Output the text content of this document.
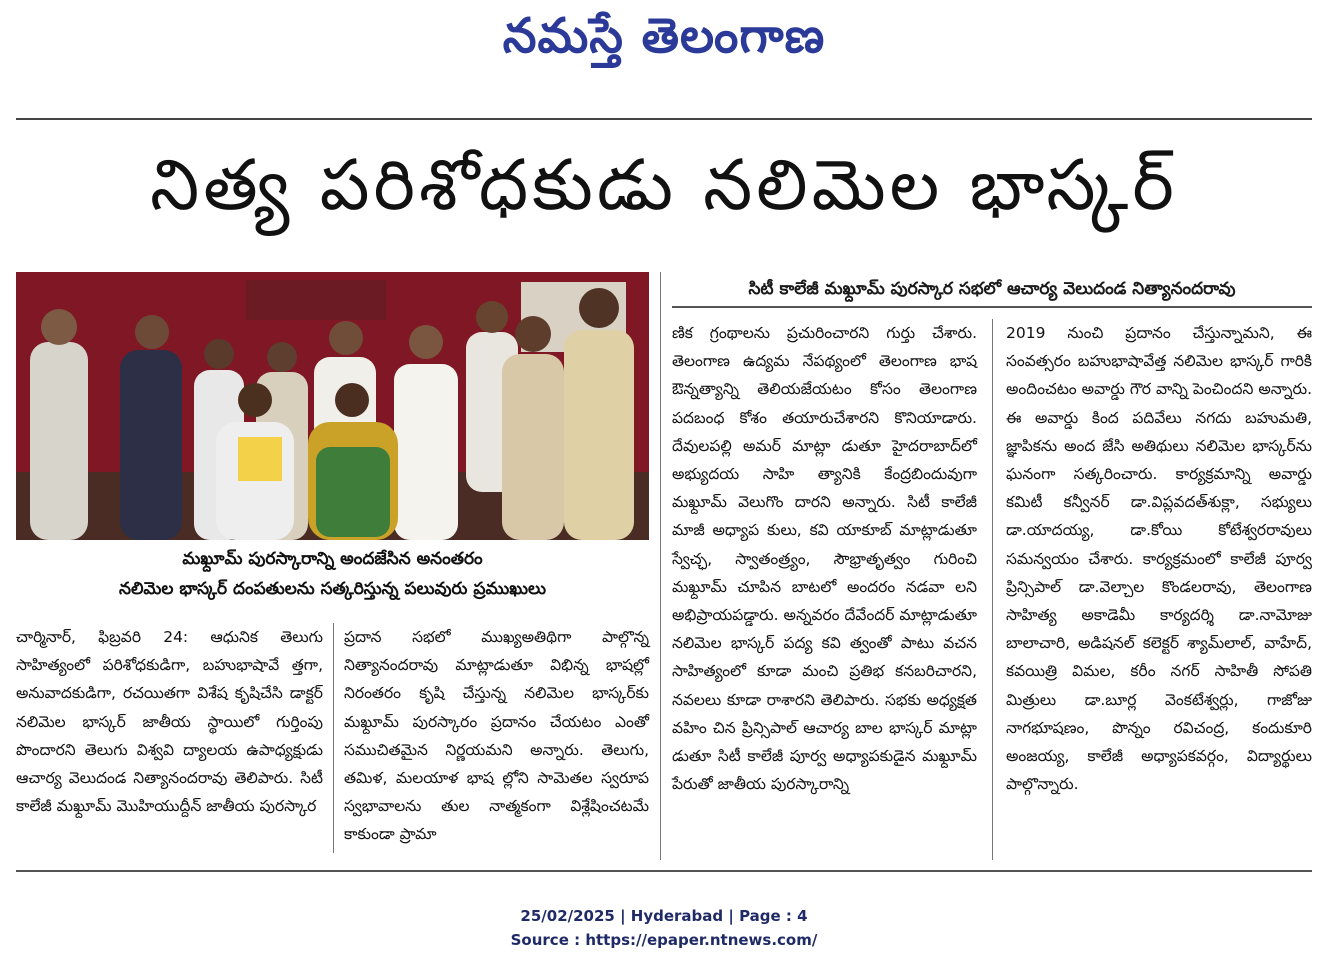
నమస్తే తెలంగాణ
నిత్య పరిశోధకుడు నలిమెల భాస్కర్
మఖ్దూమ్ పురస్కారాన్ని అందజేసిన అనంతరం
నలిమెల భాస్కర్ దంపతులను సత్కరిస్తున్న పలువురు ప్రముఖులు
సిటీ కాలేజీ మఖ్దూమ్ పురస్కార సభలో ఆచార్య వెలుదండ నిత్యానందరావు

చార్మినార్, ఫిబ్రవరి 24: ఆధునిక తెలుగు సాహిత్యంలో పరిశోధకుడిగా, బహుభాషావే త్తగా, అనువాదకుడిగా, రచయితగా విశేష కృషిచేసి డాక్టర్ నలిమెల భాస్కర్ జాతీయ స్థాయిలో గుర్తింపు పొందారని తెలుగు విశ్వవి ద్యాలయ ఉపాధ్యక్షుడు ఆచార్య వెలుదండ నిత్యానందరావు తెలిపారు. సిటీ కాలేజీ మఖ్దూమ్ మొహియుద్దీన్ జాతీయ పురస్కార

ప్రదాన సభలో ముఖ్యఅతిథిగా పాల్గొన్న నిత్యానందరావు మాట్లాడుతూ విభిన్న భాషల్లో నిరంతరం కృషి చేస్తున్న నలిమెల భాస్కర్‌కు మఖ్దూమ్ పురస్కారం ప్రదానం చేయటం ఎంతో సముచితమైన నిర్ణయమని అన్నారు. తెలుగు, తమిళ, మలయాళ భాష ల్లోని సామెతల స్వరూప స్వభావాలను తుల నాత్మకంగా విశ్లేషించటమే కాకుండా ప్రామా

ణిక గ్రంథాలను ప్రచురించారని గుర్తు చేశారు. తెలంగాణ ఉద్యమ నేపథ్యంలో తెలంగాణ భాష ఔన్నత్యాన్ని తెలియజేయటం కోసం తెలంగాణ పదబంధ కోశం తయారుచేశారని కొనియాడారు. దేవులపల్లి అమర్ మాట్లా డుతూ హైదరాబాద్‌లో అభ్యుదయ సాహి త్యానికి కేంద్రబిందువుగా మఖ్దూమ్ వెలుగొం దారని అన్నారు. సిటీ కాలేజీ మాజీ అధ్యాప కులు, కవి యాకూబ్ మాట్లాడుతూ స్వేచ్ఛ, స్వాతంత్ర్యం, సౌభ్రాతృత్వం గురించి మఖ్దూమ్ చూపిన బాటలో అందరం నడవా లని అభిప్రాయపడ్డారు. అన్నవరం దేవేందర్ మాట్లాడుతూ నలిమెల భాస్కర్ పద్య కవి త్వంతో పాటు వచన సాహిత్యంలో కూడా మంచి ప్రతిభ కనబరిచారని, నవలలు కూడా రాశారని తెలిపారు. సభకు అధ్యక్షత వహిం చిన ప్రిన్సిపాల్ ఆచార్య బాల భాస్కర్ మాట్లా డుతూ సిటీ కాలేజీ పూర్వ అధ్యాపకుడైన మఖ్దూమ్ పేరుతో జాతీయ పురస్కారాన్ని

2019 నుంచి ప్రదానం చేస్తున్నామని, ఈ సంవత్సరం బహుభాషావేత్త నలిమెల భాస్కర్ గారికి అందించటం అవార్డు గౌర వాన్ని పెంచిందని అన్నారు. ఈ అవార్డు కింద పదివేలు నగదు బహుమతి, జ్ఞాపికను అంద జేసి అతిథులు నలిమెల భాస్కర్‌ను ఘనంగా సత్కరించారు. కార్యక్రమాన్ని అవార్డు కమిటీ కన్వీనర్ డా.విప్లవదత్‌శుక్లా, సభ్యులు డా.యాదయ్య, డా.కోయి కోటేశ్వరరావులు సమన్వయం చేశారు. కార్యక్రమంలో కాలేజీ పూర్వ ప్రిన్సిపాల్ డా.వెల్చాల కొండలరావు, తెలంగాణ సాహిత్య అకాడెమీ కార్యదర్శి డా.నామోజు బాలాచారి, అడిషనల్ కలెక్టర్ శ్యామ్‌లాల్, వాహేద్, కవయిత్రి విమల, కరీం నగర్ సాహితీ సోపతి మిత్రులు డా.బూర్ల వెంకటేశ్వర్లు, గాజోజు నాగభూషణం, పొన్నం రవిచంద్ర, కందుకూరి అంజయ్య, కాలేజీ అధ్యాపకవర్గం, విద్యార్థులు పాల్గొన్నారు.

25/02/2025 | Hyderabad | Page : 4
Source : https://epaper.ntnews.com/
